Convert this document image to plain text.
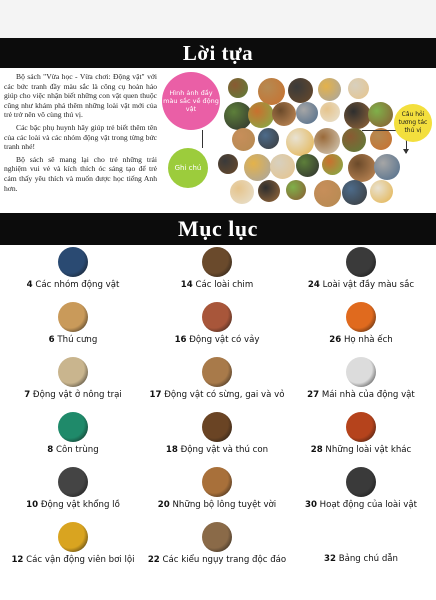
Lời tựa

Bộ sách "Vừa học - Vừa chơi: Động vật" với các bức tranh đầy màu sắc là công cụ hoàn hảo giúp cho việc nhận biết những con vật quen thuộc cũng như khám phá thêm những loài vật mới của trẻ trở nên vô cùng thú vị.

Các bậc phụ huynh hãy giúp trẻ biết thêm tên của các loài và các nhóm động vật trong từng bức tranh nhé!

Bộ sách sẽ mang lại cho trẻ những trải nghiệm vui vẻ và kích thích óc sáng tạo để trẻ cảm thấy yêu thích và muốn được học tiếng Anh hơn.

Hình ảnh đầy màu sắc về động vật
Ghi chú
Câu hỏi tương tác thú vị
Mục lục
4 Các nhóm động vật	14 Các loài chim	24 Loài vật đầy màu sắc
6 Thú cưng	16 Động vật có vảy	26 Họ nhà ếch
7 Động vật ở nông trại	17 Động vật có sừng, gai và vỏ	27 Mái nhà của động vật
8 Côn trùng	18 Động vật và thú con	28 Những loài vật khác
10 Động vật khổng lồ	20 Những bộ lông tuyệt vời	30 Hoạt động của loài vật
12 Các vận động viên bơi lội	22 Các kiểu ngụy trang độc đáo	32 Bảng chú dẫn
